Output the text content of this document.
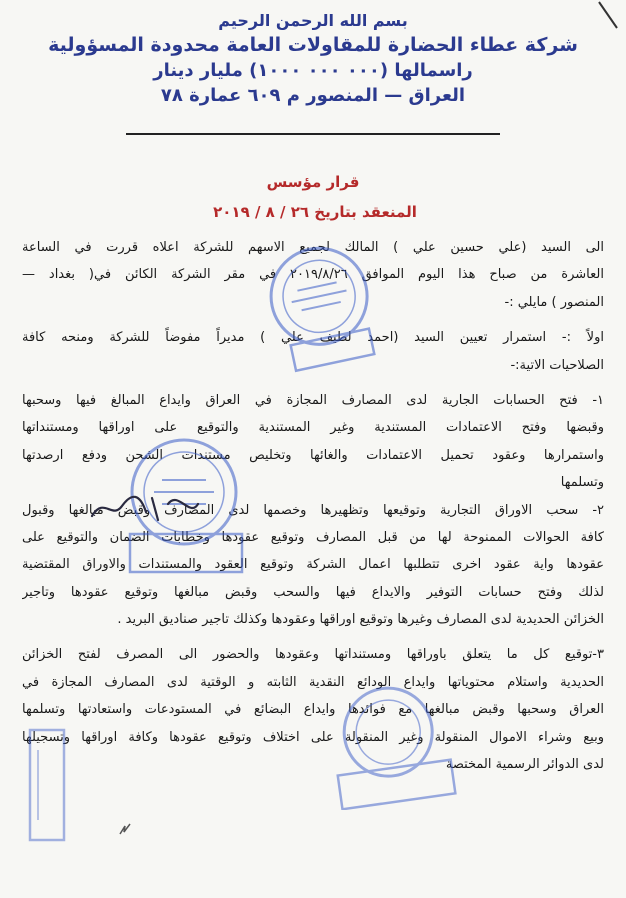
بسم الله الرحمن الرحيم
شركة عطاء الحضارة للمقاولات العامة محدودة المسؤولية
راسمالها (٠٠٠ ٠٠٠ ١٠٠٠) مليار دينار
العراق — المنصور م ٦٠٩ عمارة ٧٨
قرار مؤسس
المنعقد بتاريخ ٢٦ / ٨ / ٢٠١٩
الى السيد (علي حسين علي ) المالك لجميع الاسهم للشركة اعلاه قررت في الساعة
العاشرة من صباح هذا اليوم الموافق ٢٠١٩/٨/٢٦ في مقر الشركة الكائن في( بغداد —
المنصور ) مايلي :-
اولاً :- استمرار تعيين السيد (احمد لطيف علي ) مديراً مفوضاً للشركة ومنحه كافة
الصلاحيات الاتية:-
١- فتح الحسابات الجارية لدى المصارف المجازة في العراق وايداع المبالغ فيها وسحبها
وقبضها وفتح الاعتمادات المستندية وغير المستندية والتوقيع على اوراقها ومستنداتها
واستمرارها وعقود تحميل الاعتمادات والغائها وتخليص مستندات الشحن ودفع ارصدتها
وتسلمها
٢- سحب الاوراق التجارية وتوقيعها وتظهيرها وخصمها لدى المصارف وقبض مبالغها وقبول
كافة الحوالات الممنوحة لها من قبل المصارف وتوقيع عقودها وخطابات الضمان والتوقيع على
عقودها واية عقود اخرى تتطلبها اعمال الشركة وتوقيع العقود والمستندات والاوراق المقتضية
لذلك وفتح حسابات التوفير والايداع فيها والسحب وقبض مبالغها وتوقيع عقودها وتاجير
الخزائن الحديدية لدى المصارف وغيرها وتوقيع اوراقها وعقودها وكذلك تاجير صناديق البريد .
٣-توقيع كل ما يتعلق باوراقها ومستنداتها وعقودها والحضور الى المصرف لفتح الخزائن
الحديدية واستلام محتوياتها وايداع الودائع النقدية الثابته و الوقتية لدى المصارف المجازة في
العراق وسحبها وقبض مبالغها مع فوائدها وايداع البضائع في المستودعات واستعادتها وتسلمها
وبيع وشراء الاموال المنقولة وغير المنقولة على اختلاف وتوقيع عقودها وكافة اوراقها وتسجيلها
لدى الدوائر الرسمية المختصة
